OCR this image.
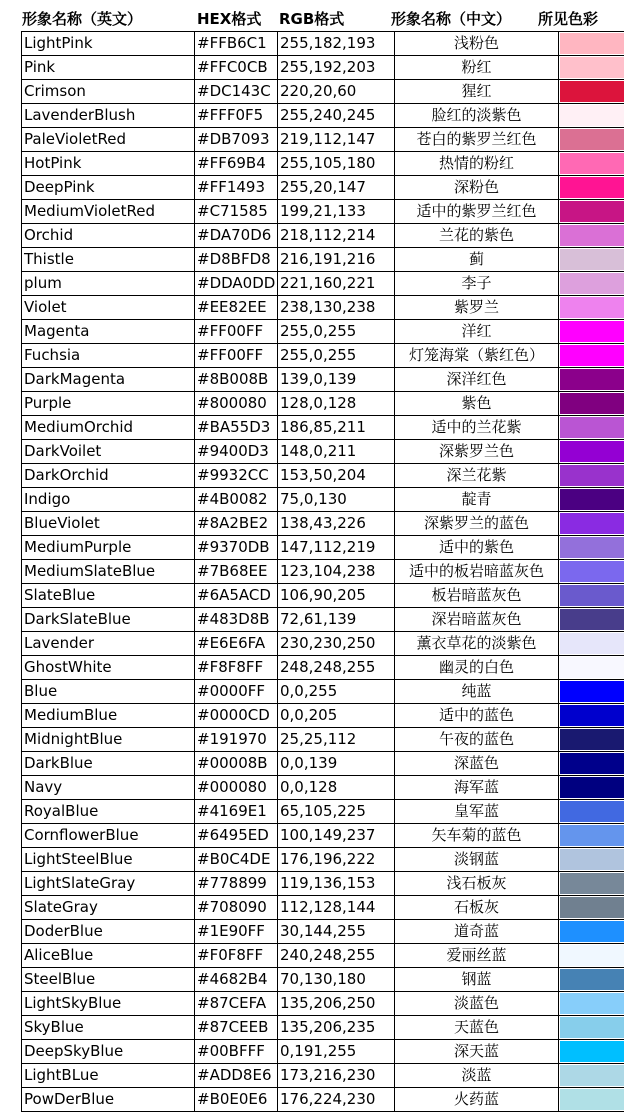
形象名称（英文）	HEX格式 RGB格式	形象名称（中文） 所见色彩
LightPink	#FFB6C1	255,182,193	浅粉色	

Pink	#FFC0CB	255,192,203	粉红	

Crimson	#DC143C	220,20,60	猩红	

LavenderBlush	#FFF0F5	255,240,245	脸红的淡紫色	

PaleVioletRed	#DB7093	219,112,147	苍白的紫罗兰红色	

HotPink	#FF69B4	255,105,180	热情的粉红	

DeepPink	#FF1493	255,20,147	深粉色	

MediumVioletRed	#C71585	199,21,133	适中的紫罗兰红色	

Orchid	#DA70D6	218,112,214	兰花的紫色	

Thistle	#D8BFD8	216,191,216	蓟	

plum	#DDA0DD	221,160,221	李子	

Violet	#EE82EE	238,130,238	紫罗兰	

Magenta	#FF00FF	255,0,255	洋红	

Fuchsia	#FF00FF	255,0,255	灯笼海棠（紫红色）	

DarkMagenta	#8B008B	139,0,139	深洋红色	

Purple	#800080	128,0,128	紫色	

MediumOrchid	#BA55D3	186,85,211	适中的兰花紫	

DarkVoilet	#9400D3	148,0,211	深紫罗兰色	

DarkOrchid	#9932CC	153,50,204	深兰花紫	

Indigo	#4B0082	75,0,130	靛青	

BlueViolet	#8A2BE2	138,43,226	深紫罗兰的蓝色	

MediumPurple	#9370DB	147,112,219	适中的紫色	

MediumSlateBlue	#7B68EE	123,104,238	适中的板岩暗蓝灰色	

SlateBlue	#6A5ACD	106,90,205	板岩暗蓝灰色	

DarkSlateBlue	#483D8B	72,61,139	深岩暗蓝灰色	

Lavender	#E6E6FA	230,230,250	薰衣草花的淡紫色	

GhostWhite	#F8F8FF	248,248,255	幽灵的白色	

Blue	#0000FF	0,0,255	纯蓝	

MediumBlue	#0000CD	0,0,205	适中的蓝色	

MidnightBlue	#191970	25,25,112	午夜的蓝色	

DarkBlue	#00008B	0,0,139	深蓝色	

Navy	#000080	0,0,128	海军蓝	

RoyalBlue	#4169E1	65,105,225	皇军蓝	

CornflowerBlue	#6495ED	100,149,237	矢车菊的蓝色	

LightSteelBlue	#B0C4DE	176,196,222	淡钢蓝	

LightSlateGray	#778899	119,136,153	浅石板灰	

SlateGray	#708090	112,128,144	石板灰	

DoderBlue	#1E90FF	30,144,255	道奇蓝	

AliceBlue	#F0F8FF	240,248,255	爱丽丝蓝	

SteelBlue	#4682B4	70,130,180	钢蓝	

LightSkyBlue	#87CEFA	135,206,250	淡蓝色	

SkyBlue	#87CEEB	135,206,235	天蓝色	

DeepSkyBlue	#00BFFF	0,191,255	深天蓝	

LightBLue	#ADD8E6	173,216,230	淡蓝	

PowDerBlue	#B0E0E6	176,224,230	火药蓝	
